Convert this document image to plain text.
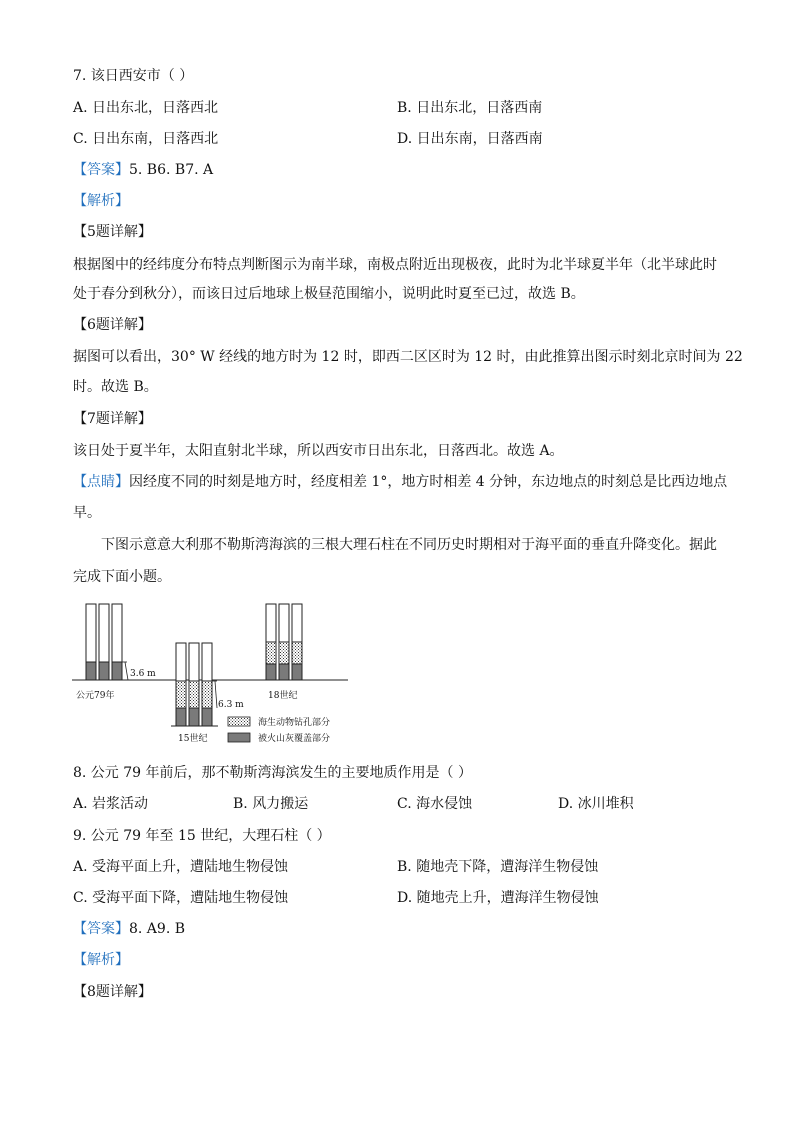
7. 该日西安市（ ）
A. 日出东北，日落西北	B. 日出东北，日落西南
C. 日出东南，日落西北	D. 日出东南，日落西南
【答案】5. B6. B7. A
【解析】
【5题详解】
根据图中的经纬度分布特点判断图示为南半球，南极点附近出现极夜，此时为北半球夏半年（北半球此时
处于春分到秋分），而该日过后地球上极昼范围缩小，说明此时夏至已过，故选 B。
【6题详解】
据图可以看出，30° W 经线的地方时为 12 时，即西二区区时为 12 时，由此推算出图示时刻北京时间为 22
时。故选 B。
【7题详解】
该日处于夏半年，太阳直射北半球，所以西安市日出东北，日落西北。故选 A。
【点睛】因经度不同的时刻是地方时，经度相差 1°，地方时相差 4 分钟，东边地点的时刻总是比西边地点
早。
下图示意意大利那不勒斯湾海滨的三根大理石柱在不同历史时期相对于海平面的垂直升降变化。据此
完成下面小题。
3.6 m
公元79年
6.3 m
15世纪
18世纪
海生动物钻孔部分
被火山灰覆盖部分
8. 公元 79 年前后，那不勒斯湾海滨发生的主要地质作用是（ ）
A. 岩浆活动	B. 风力搬运	C. 海水侵蚀	D. 冰川堆积
9. 公元 79 年至 15 世纪，大理石柱（ ）
A. 受海平面上升，遭陆地生物侵蚀	B. 随地壳下降，遭海洋生物侵蚀
C. 受海平面下降，遭陆地生物侵蚀	D. 随地壳上升，遭海洋生物侵蚀
【答案】8. A9. B
【解析】
【8题详解】
